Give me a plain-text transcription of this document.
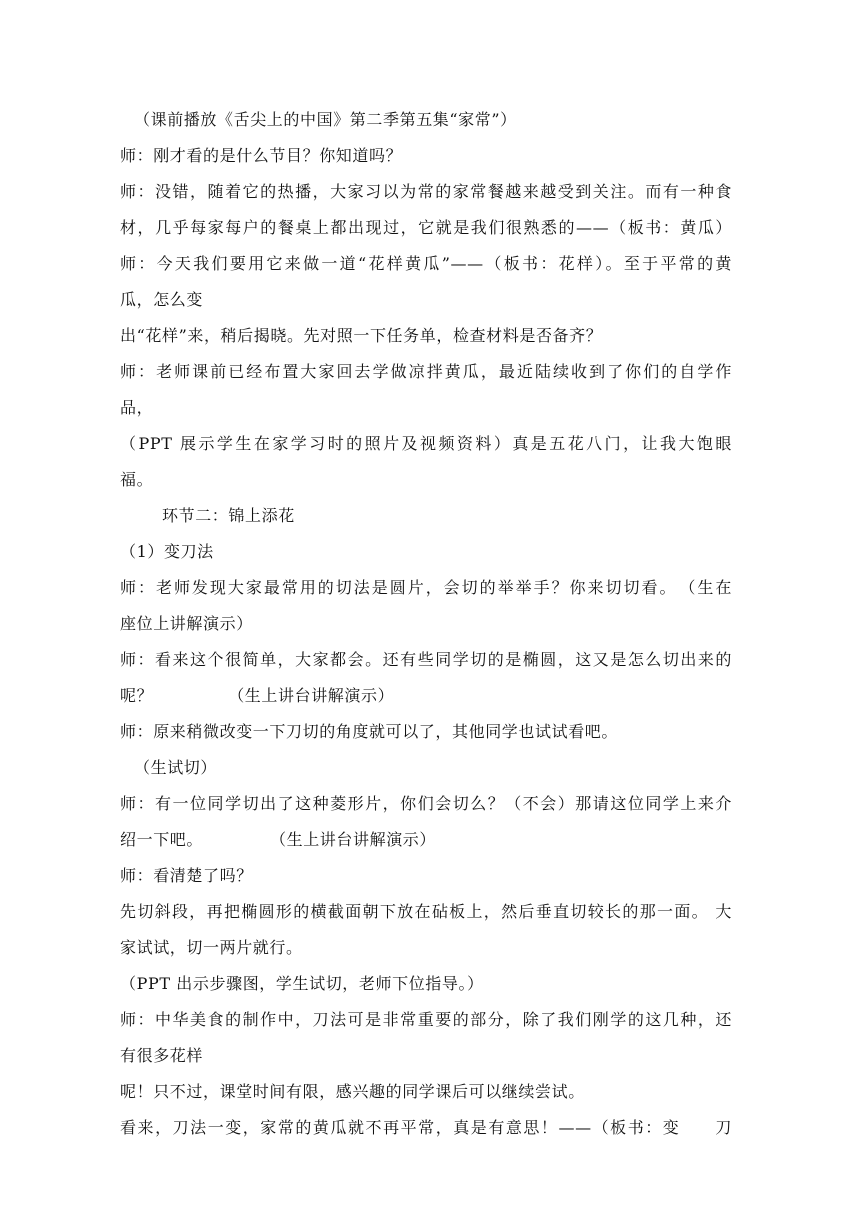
（课前播放《舌尖上的中国》第二季第五集“家常”）
师：刚才看的是什么节目？你知道吗？
师：没错，随着它的热播，大家习以为常的家常餐越来越受到关注。而有一种食
材，几乎每家每户的餐桌上都出现过，它就是我们很熟悉的——（板书：黄瓜）
师：今天我们要用它来做一道“花样黄瓜”——（板书：花样）。至于平常的黄
瓜，怎么变
出“花样”来，稍后揭晓。先对照一下任务单，检查材料是否备齐？
师：老师课前已经布置大家回去学做凉拌黄瓜，最近陆续收到了你们的自学作
品，
（PPT 展示学生在家学习时的照片及视频资料）真是五花八门，让我大饱眼
福。
环节二：锦上添花
（1）变刀法
师：老师发现大家最常用的切法是圆片，会切的举举手？你来切切看。　（生在
座位上讲解演示）
师：看来这个很简单，大家都会。还有些同学切的是椭圆，这又是怎么切出来的
呢？　　　　　（生上讲台讲解演示）
师：原来稍微改变一下刀切的角度就可以了，其他同学也试试看吧。
（生试切）
师：有一位同学切出了这种菱形片，你们会切么？（不会）那请这位同学上来介
绍一下吧。　　　　　（生上讲台讲解演示）
师：看清楚了吗？
先切斜段，再把椭圆形的横截面朝下放在砧板上，然后垂直切较长的那一面。 大
家试试，切一两片就行。
（PPT 出示步骤图，学生试切，老师下位指导。）
师：中华美食的制作中，刀法可是非常重要的部分，除了我们刚学的这几种，还
有很多花样
呢！只不过，课堂时间有限，感兴趣的同学课后可以继续尝试。
看来，刀法一变，家常的黄瓜就不再平常，真是有意思！——（板书：变　　刀
